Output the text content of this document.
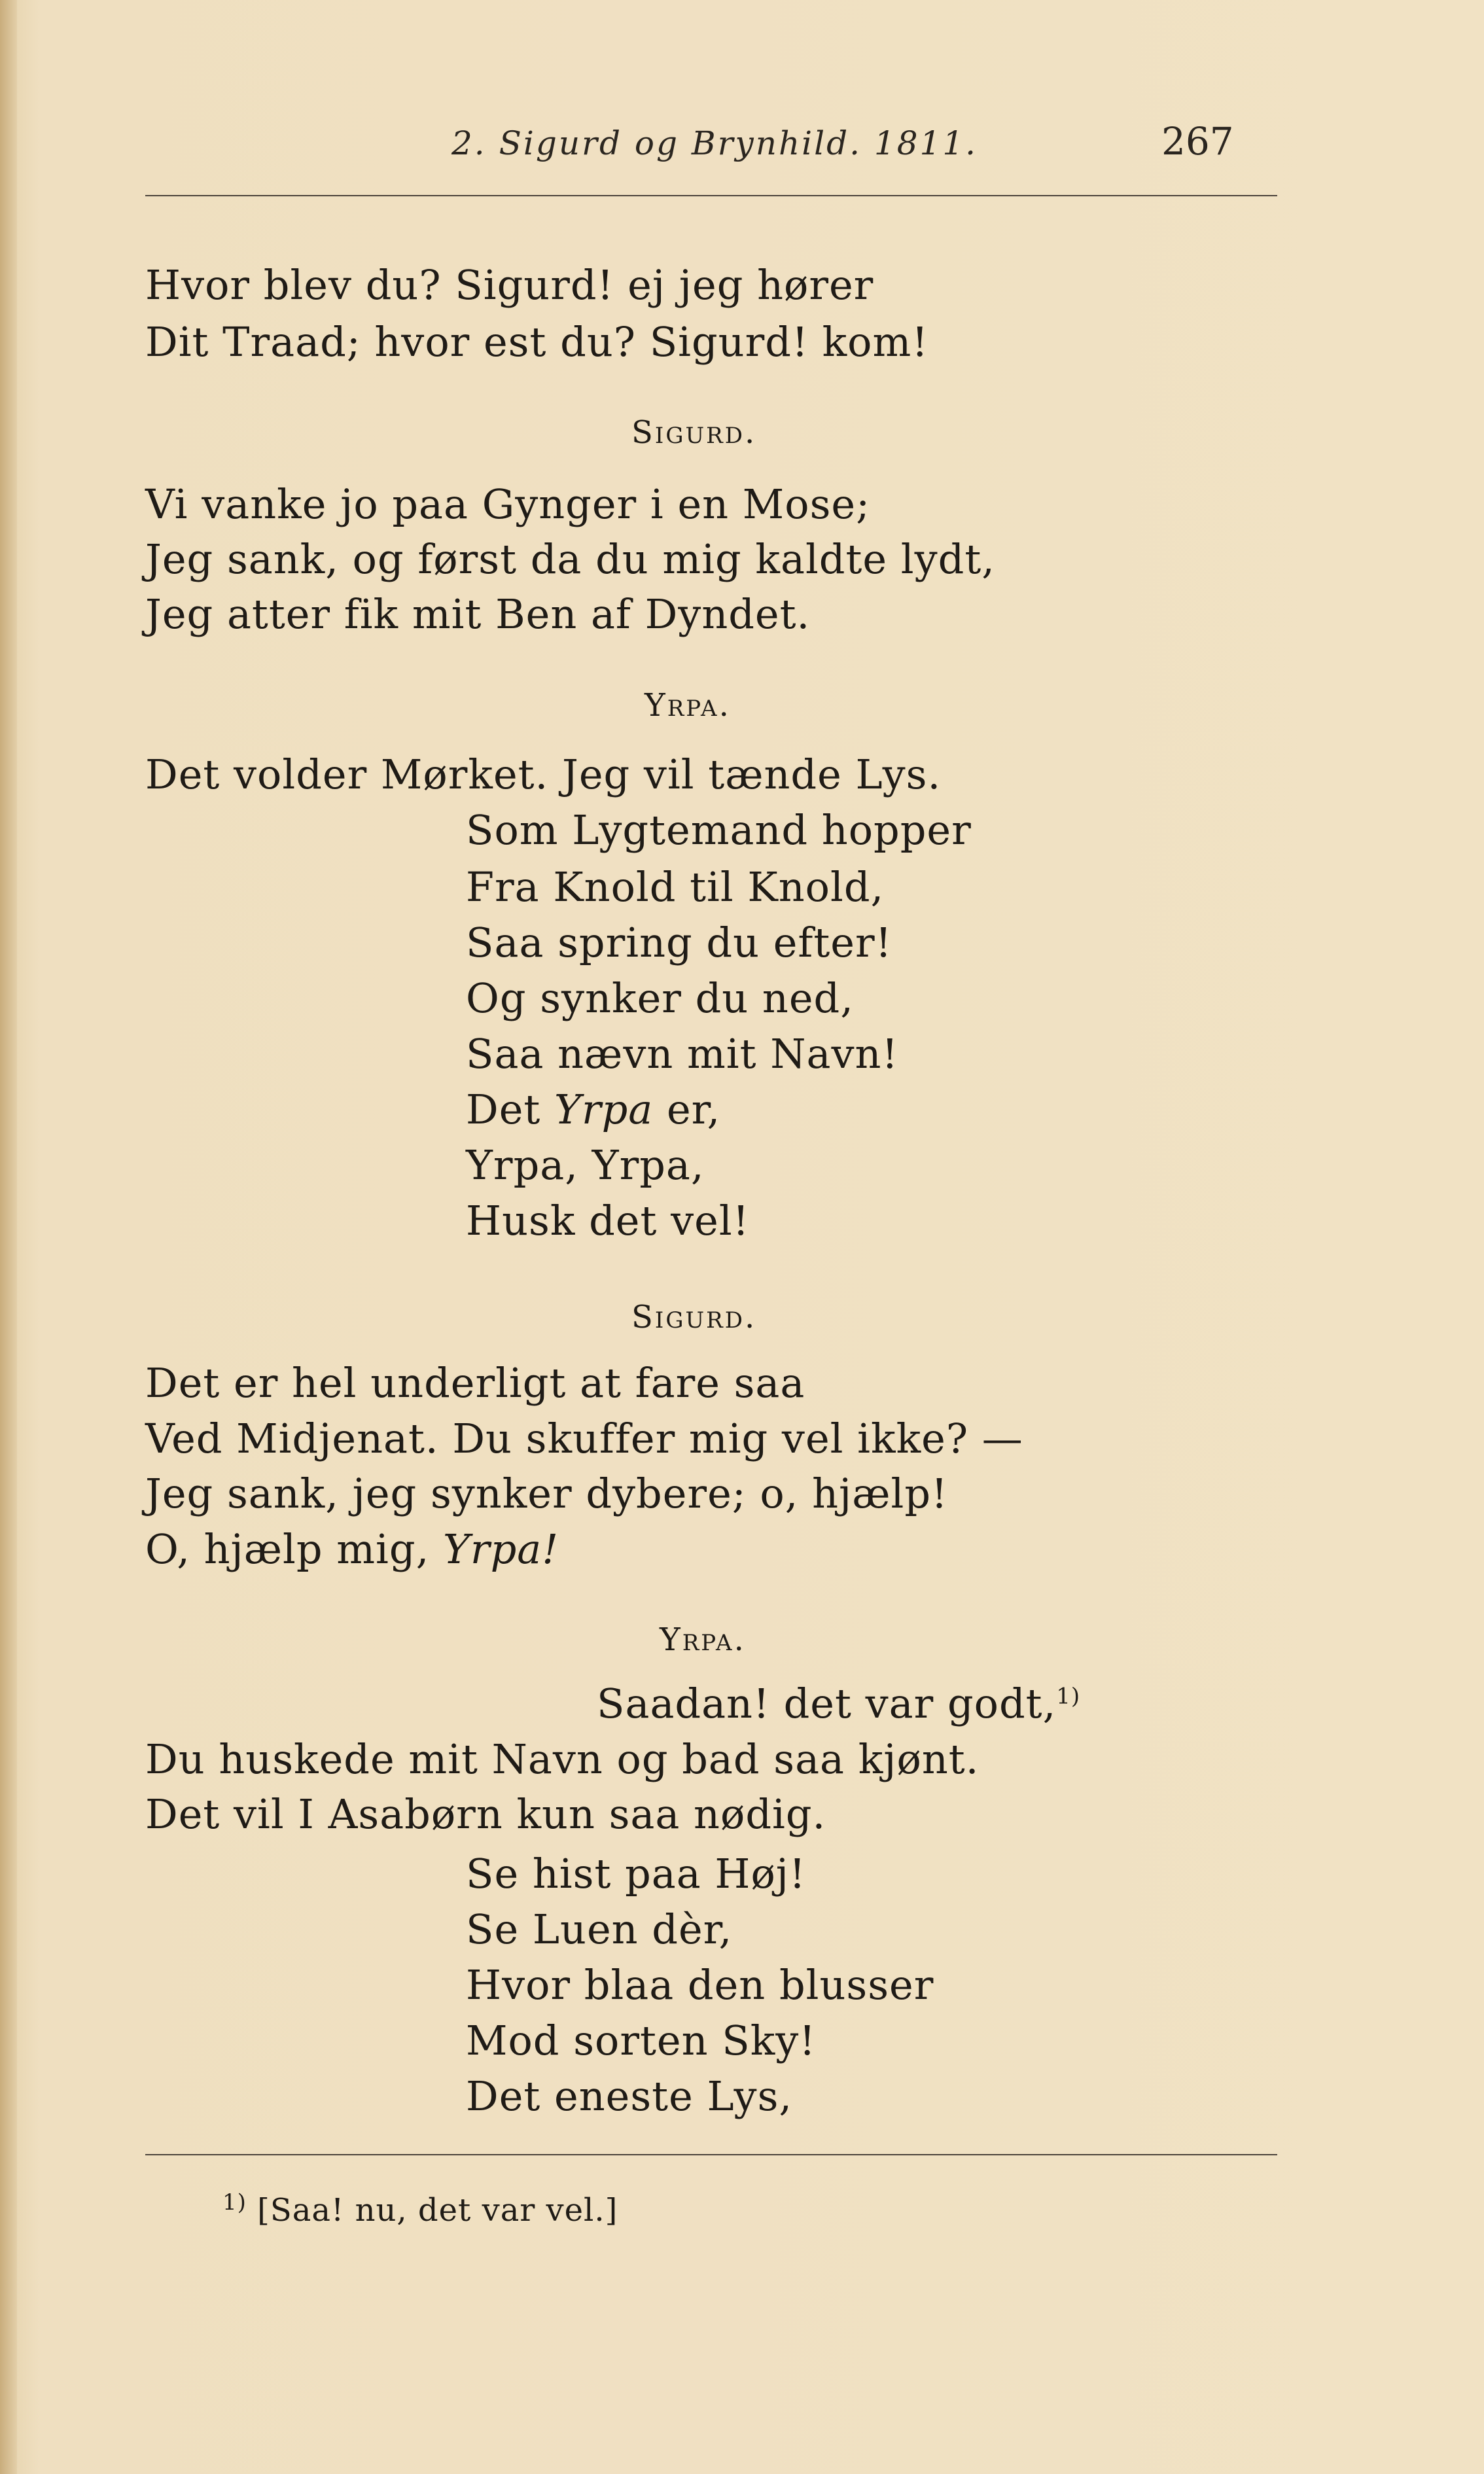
2. Sigurd og Brynhild. 1811.	267
Hvor blev du? Sigurd! ej jeg hører
Dit Traad; hvor est du? Sigurd! kom!
Sigurd.
Vi vanke jo paa Gynger i en Mose;
Jeg sank, og først da du mig kaldte lydt,
Jeg atter fik mit Ben af Dyndet.
Yrpa.
Det volder Mørket. Jeg vil tænde Lys.
Som Lygtemand hopper
Fra Knold til Knold,
Saa spring du efter!
Og synker du ned,
Saa nævn mit Navn!
Det Yrpa er,
Yrpa, Yrpa,
Husk det vel!
Sigurd.
Det er hel underligt at fare saa
Ved Midjenat. Du skuffer mig vel ikke? —
Jeg sank, jeg synker dybere; o, hjælp!
O, hjælp mig, Yrpa!
Yrpa.
Saadan! det var godt,$^{1)}$
Du huskede mit Navn og bad saa kjønt.
Det vil I Asabørn kun saa nødig.
Se hist paa Høj!
Se Luen dèr,
Hvor blaa den blusser
Mod sorten Sky!
Det eneste Lys,
$^{1)}$ [Saa! nu, det var vel.]
